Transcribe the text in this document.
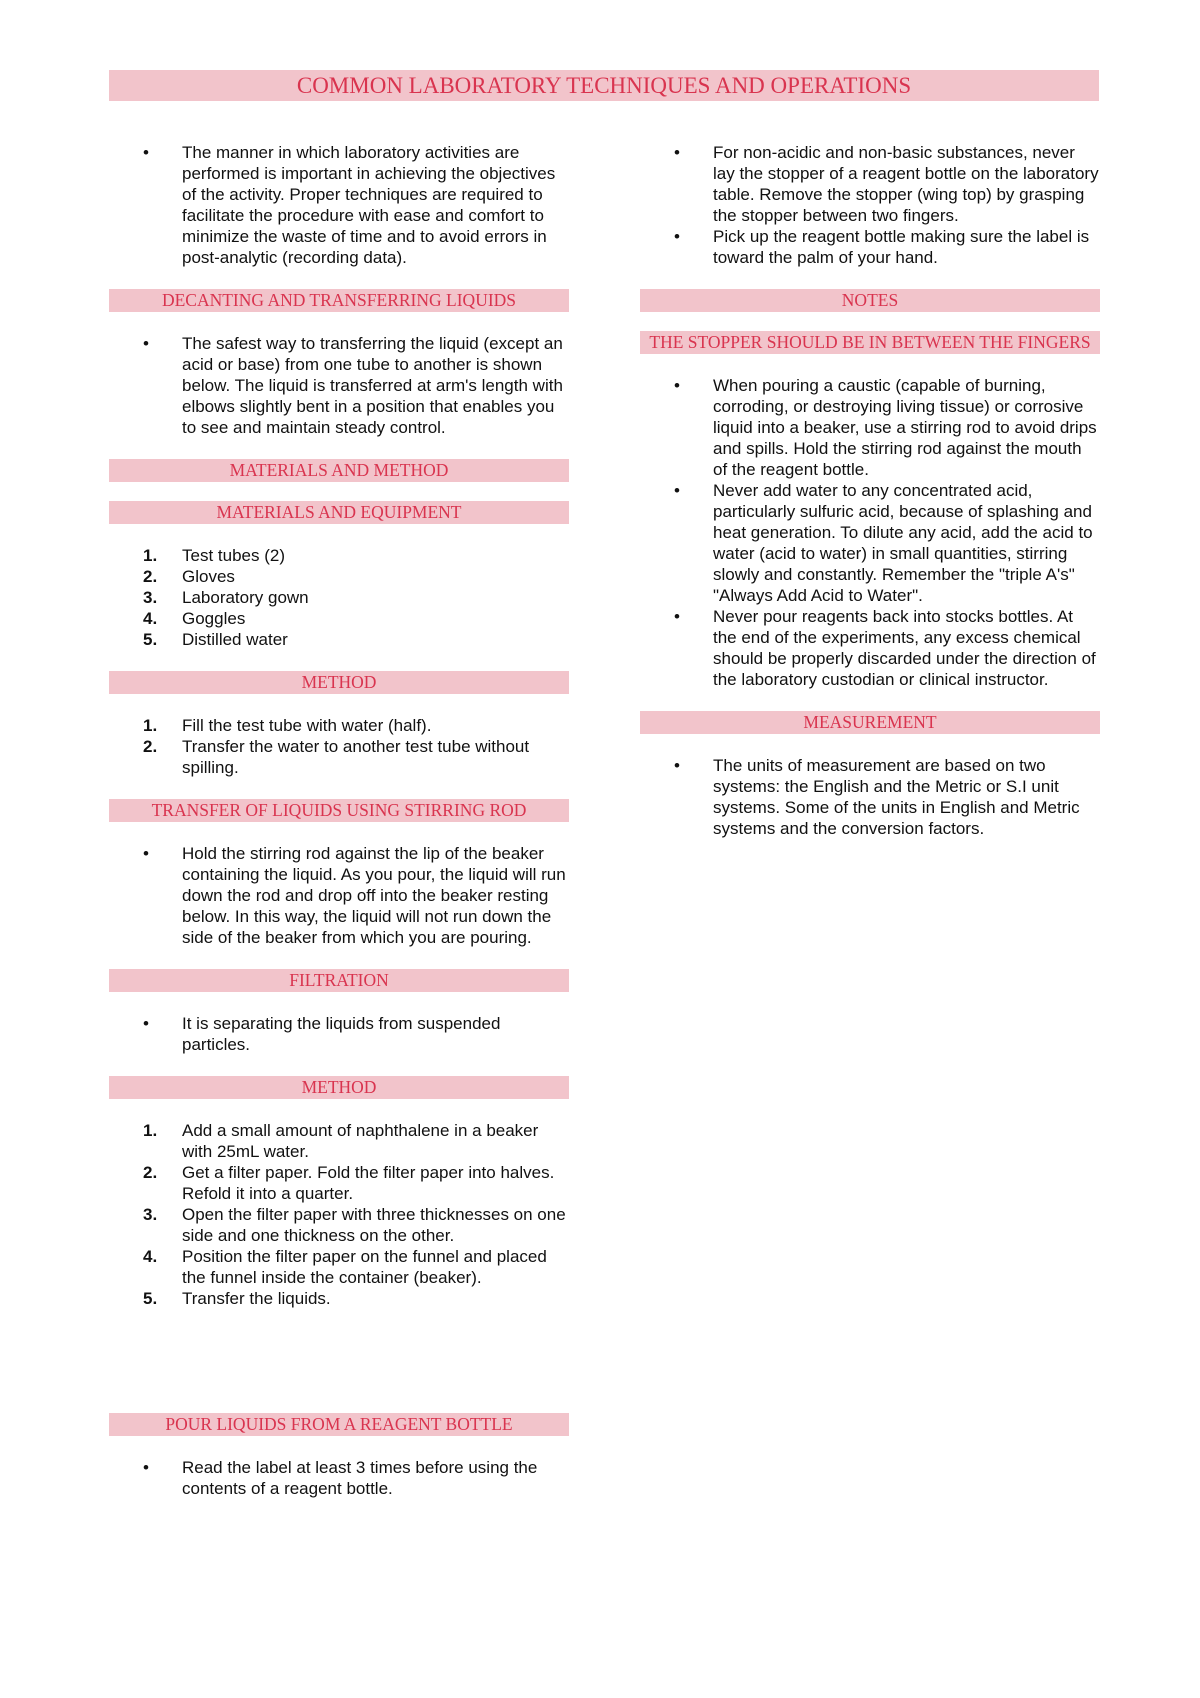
COMMON LABORATORY TECHNIQUES AND OPERATIONS
• The manner in which laboratory activities are performed is important in achieving the objectives of the activity. Proper techniques are required to facilitate the procedure with ease and comfort to minimize the waste of time and to avoid errors in post-analytic (recording data).
DECANTING AND TRANSFERRING LIQUIDS
• The safest way to transferring the liquid (except an acid or base) from one tube to another is shown below. The liquid is transferred at arm's length with elbows slightly bent in a position that enables you to see and maintain steady control.
MATERIALS AND METHOD
MATERIALS AND EQUIPMENT
1. Test tubes (2)
2. Gloves
3. Laboratory gown
4. Goggles
5. Distilled water
METHOD
1. Fill the test tube with water (half).
2. Transfer the water to another test tube without spilling.
TRANSFER OF LIQUIDS USING STIRRING ROD
• Hold the stirring rod against the lip of the beaker containing the liquid. As you pour, the liquid will run down the rod and drop off into the beaker resting below. In this way, the liquid will not run down the side of the beaker from which you are pouring.
FILTRATION
• It is separating the liquids from suspended particles.
METHOD
1. Add a small amount of naphthalene in a beaker with 25mL water.
2. Get a filter paper. Fold the filter paper into halves. Refold it into a quarter.
3. Open the filter paper with three thicknesses on one side and one thickness on the other.
4. Position the filter paper on the funnel and placed the funnel inside the container (beaker).
5. Transfer the liquids.
POUR LIQUIDS FROM A REAGENT BOTTLE
• Read the label at least 3 times before using the contents of a reagent bottle.
• For non-acidic and non-basic substances, never lay the stopper of a reagent bottle on the laboratory table. Remove the stopper (wing top) by grasping the stopper between two fingers.
• Pick up the reagent bottle making sure the label is toward the palm of your hand.
NOTES
THE STOPPER SHOULD BE IN BETWEEN THE FINGERS
• When pouring a caustic (capable of burning, corroding, or destroying living tissue) or corrosive liquid into a beaker, use a stirring rod to avoid drips and spills. Hold the stirring rod against the mouth of the reagent bottle.
• Never add water to any concentrated acid, particularly sulfuric acid, because of splashing and heat generation. To dilute any acid, add the acid to water (acid to water) in small quantities, stirring slowly and constantly. Remember the "triple A's" "Always Add Acid to Water".
• Never pour reagents back into stocks bottles. At the end of the experiments, any excess chemical should be properly discarded under the direction of the laboratory custodian or clinical instructor.
MEASUREMENT
• The units of measurement are based on two systems: the English and the Metric or S.I unit systems. Some of the units in English and Metric systems and the conversion factors.
